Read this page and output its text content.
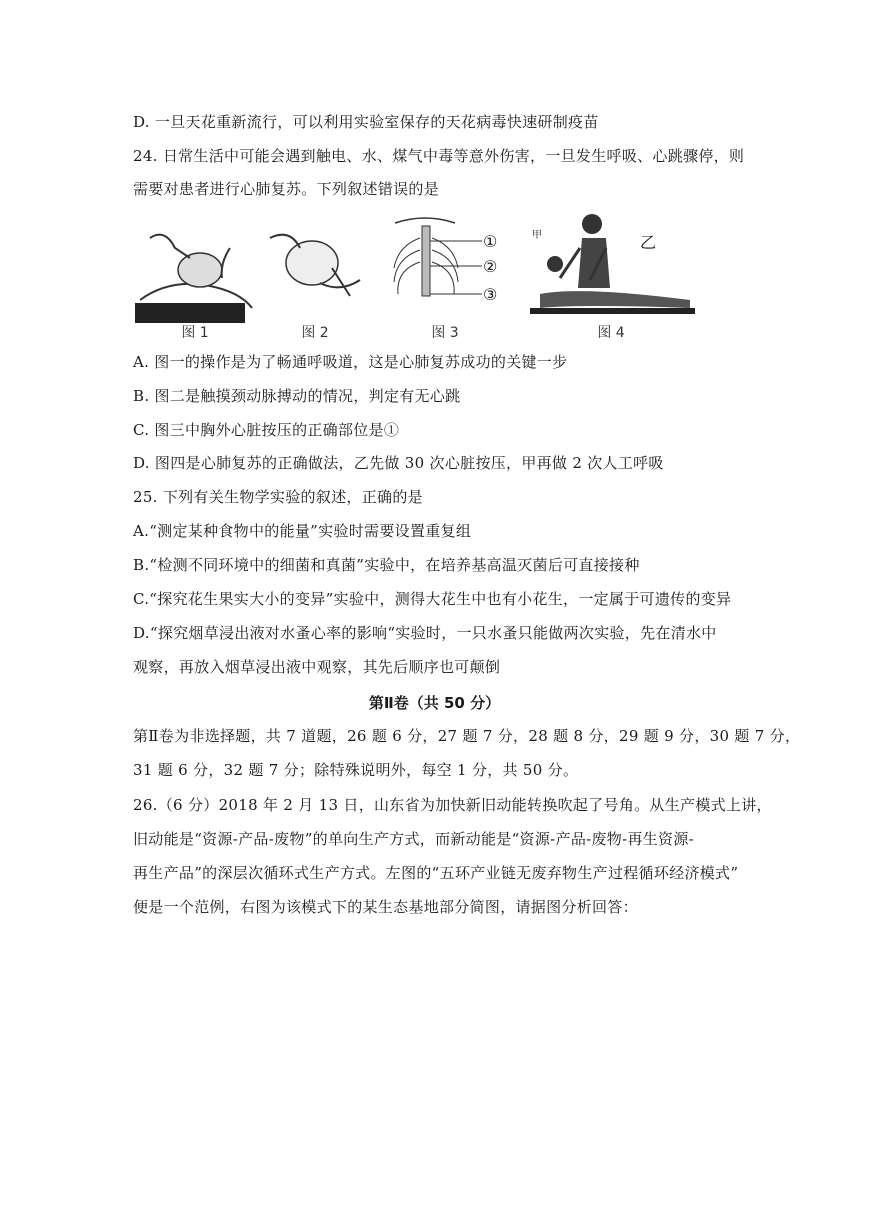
D. 一旦天花重新流行，可以利用实验室保存的天花病毒快速研制疫苗
24. 日常生活中可能会遇到触电、水、煤气中毒等意外伤害，一旦发生呼吸、心跳骤停，则
需要对患者进行心肺复苏。下列叙述错误的是
图 1	图 2
①
②
③
图 3
甲	乙
图 4
A. 图一的操作是为了畅通呼吸道，这是心肺复苏成功的关键一步
B. 图二是触摸颈动脉搏动的情况，判定有无心跳
C. 图三中胸外心脏按压的正确部位是①
D. 图四是心肺复苏的正确做法，乙先做 30 次心脏按压，甲再做 2 次人工呼吸
25. 下列有关生物学实验的叙述，正确的是
A.“测定某种食物中的能量”实验时需要设置重复组
B.“检测不同环境中的细菌和真菌”实验中，在培养基高温灭菌后可直接接种
C.“探究花生果实大小的变异”实验中，测得大花生中也有小花生，一定属于可遗传的变异
D.“探究烟草浸出液对水蚤心率的影响“实验时，一只水蚤只能做两次实验，先在清水中
观察，再放入烟草浸出液中观察，其先后顺序也可颠倒
第Ⅱ卷（共 50 分）
第Ⅱ卷为非选择题，共 7 道题，26 题 6 分，27 题 7 分，28 题 8 分，29 题 9 分，30 题 7 分，
31 题 6 分，32 题 7 分；除特殊说明外，每空 1 分，共 50 分。
26.（6 分）2018 年 2 月 13 日，山东省为加快新旧动能转换吹起了号角。从生产模式上讲，
旧动能是“资源-产品-废物”的单向生产方式，而新动能是“资源-产品-废物-再生资源-
再生产品”的深层次循环式生产方式。左图的“五环产业链无废弃物生产过程循环经济模式”
便是一个范例，右图为该模式下的某生态基地部分简图，请据图分析回答：
